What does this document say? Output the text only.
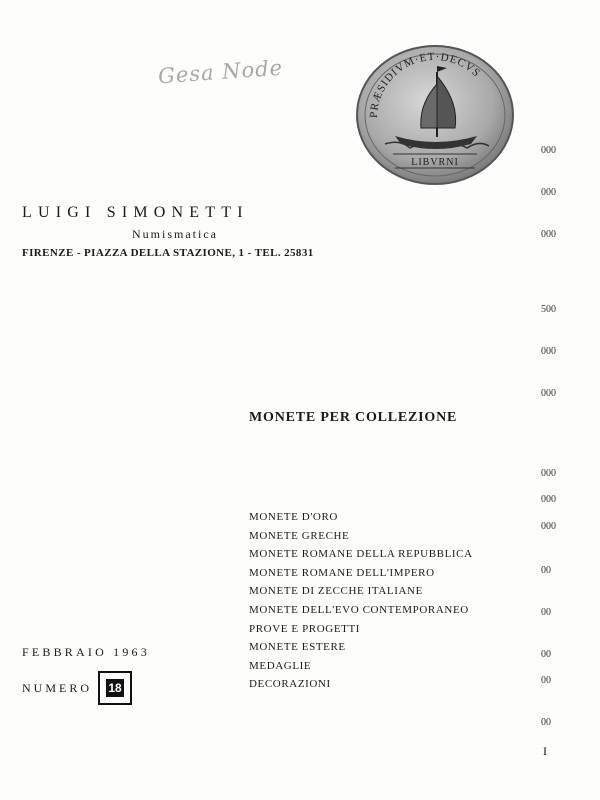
Gesa Node
PRÆSIDIVM·ET·DECVS
LIBVRNI
LUIGI SIMONETTI
Numismatica
FIRENZE - PIAZZA DELLA STAZIONE, 1 - TEL. 25831
MONETE PER COLLEZIONE
MONETE D'ORO
MONETE GRECHE
MONETE ROMANE DELLA REPUBBLICA
MONETE ROMANE DELL'IMPERO
MONETE DI ZECCHE ITALIANE
MONETE DELL'EVO CONTEMPORANEO
PROVE E PROGETTI
MONETE ESTERE
MEDAGLIE
DECORAZIONI
FEBBRAIO 1963
NUMERO 18
000
000
000
500
000
000
000
000
000
00
00
00
00
00
I
